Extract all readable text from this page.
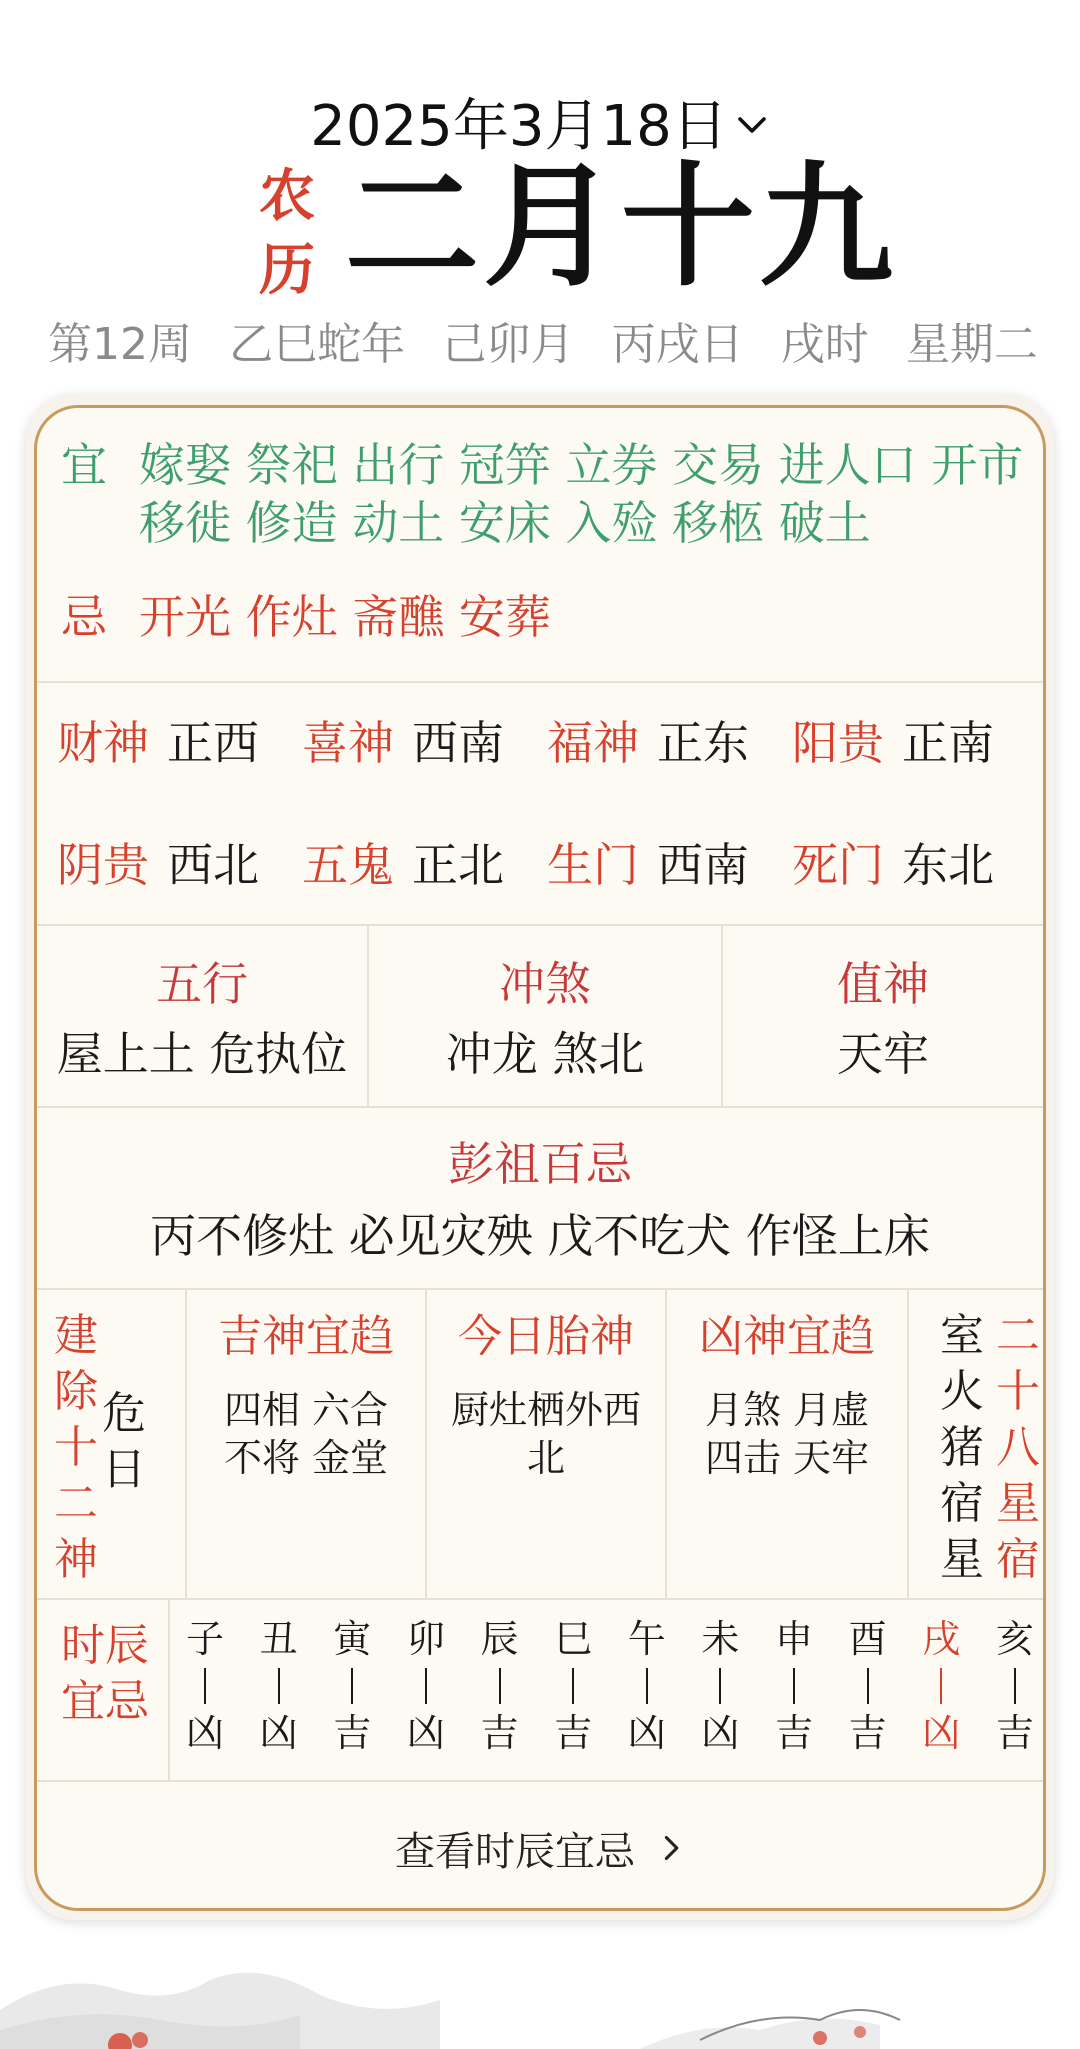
2025年3月18日
农
历 二月十九
第12周 乙巳蛇年 己卯月 丙戌日 戌时 星期二
宜 嫁娶 祭祀 出行 冠笄 立券 交易 进人口 开市 移徙 修造 动土 安床 入殓 移柩 破土
忌 开光 作灶 斋醮 安葬
财神 正西 喜神 西南 福神 正东 阳贵 正南
阴贵 西北 五鬼 正北 生门 西南 死门 东北
五行
屋上土 危执位
冲煞
冲龙 煞北
值神
天牢
彭祖百忌
丙不修灶 必见灾殃 戊不吃犬 作怪上床
建
除
十
二
神
危
日
吉神宜趋
四相 六合
不将 金堂
今日胎神
厨灶栖外西
北
凶神宜趋
月煞 月虚
四击 天牢
室
火
猪
宿
星
二
十
八
星
宿
时辰
宜忌
子
凶
丑
凶
寅
吉
卯
凶
辰
吉
巳
吉
午
凶
未
凶
申
吉
酉
吉
戌
凶
亥
吉
查看时辰宜忌
